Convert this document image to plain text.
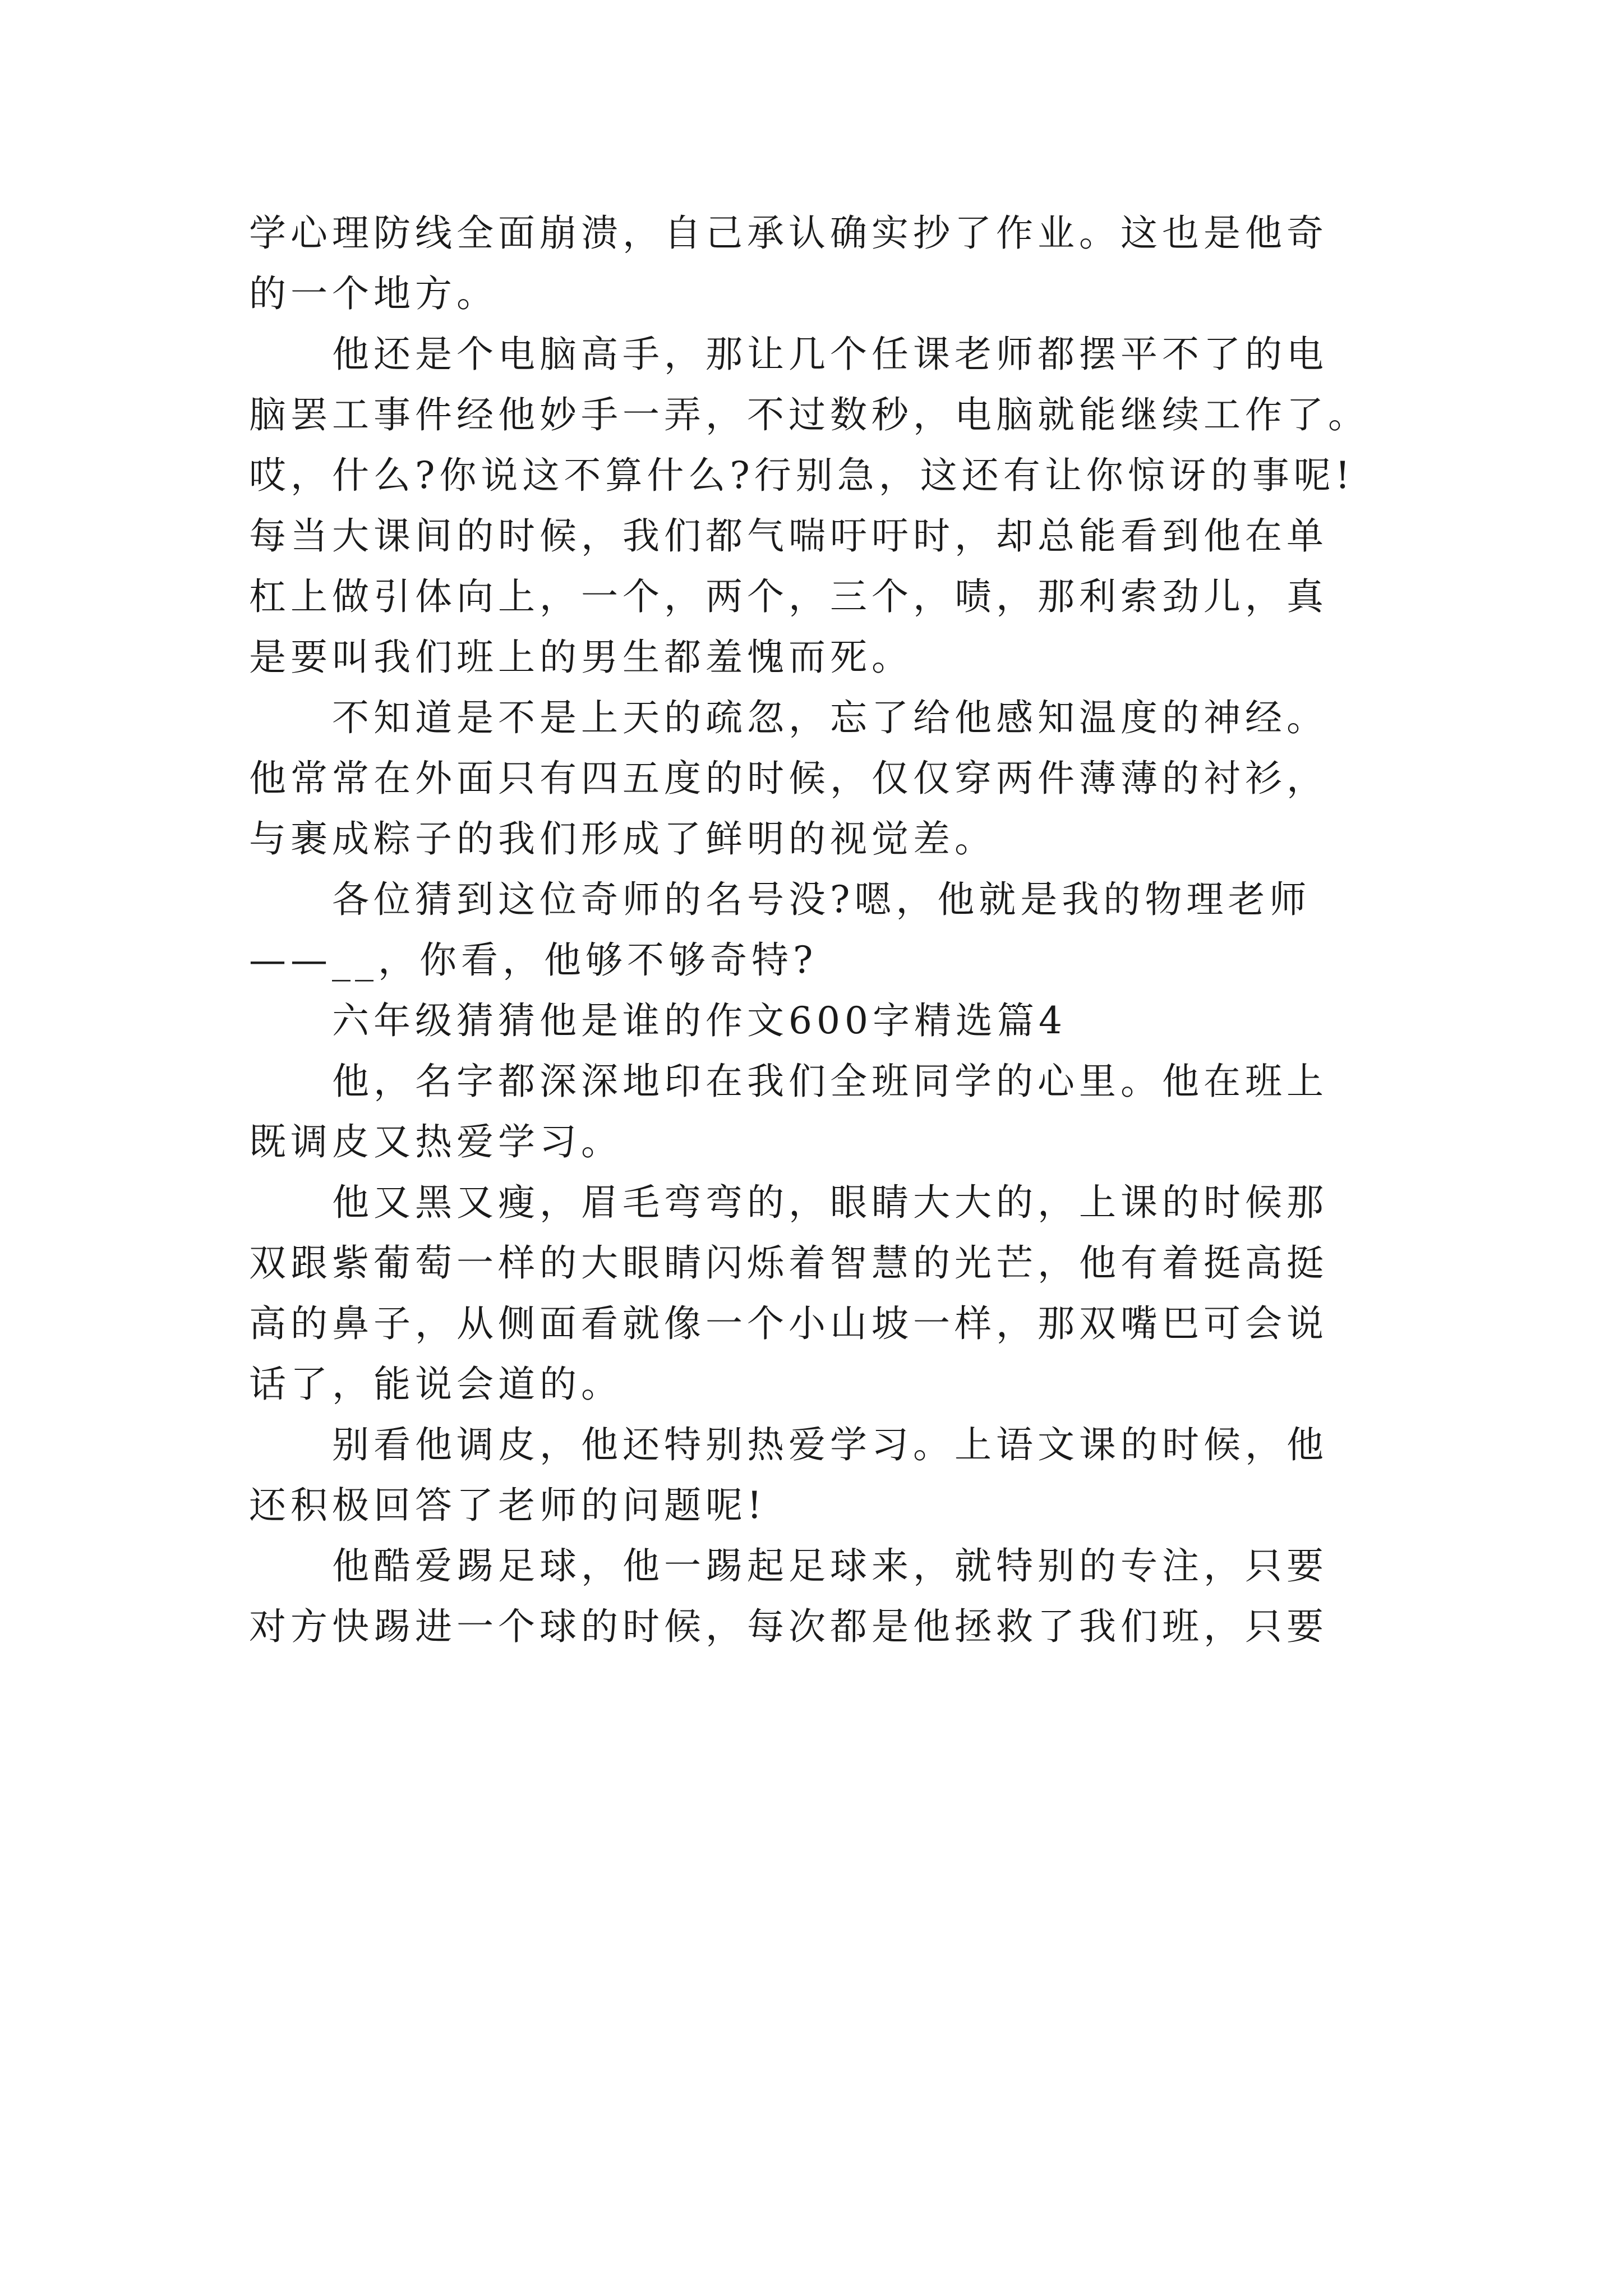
学心理防线全面崩溃，自己承认确实抄了作业。这也是他奇
的一个地方。
他还是个电脑高手，那让几个任课老师都摆平不了的电
脑罢工事件经他妙手一弄，不过数秒，电脑就能继续工作了。
哎，什么?你说这不算什么?行别急，这还有让你惊讶的事呢!
每当大课间的时候，我们都气喘吁吁时，却总能看到他在单
杠上做引体向上，一个，两个，三个，啧，那利索劲儿，真
是要叫我们班上的男生都羞愧而死。
不知道是不是上天的疏忽，忘了给他感知温度的神经。
他常常在外面只有四五度的时候，仅仅穿两件薄薄的衬衫，
与裹成粽子的我们形成了鲜明的视觉差。
各位猜到这位奇师的名号没?嗯，他就是我的物理老师
——__，你看，他够不够奇特?
六年级猜猜他是谁的作文600字精选篇4
他，名字都深深地印在我们全班同学的心里。他在班上
既调皮又热爱学习。
他又黑又瘦，眉毛弯弯的，眼睛大大的，上课的时候那
双跟紫葡萄一样的大眼睛闪烁着智慧的光芒，他有着挺高挺
高的鼻子，从侧面看就像一个小山坡一样，那双嘴巴可会说
话了，能说会道的。
别看他调皮，他还特别热爱学习。上语文课的时候，他
还积极回答了老师的问题呢!
他酷爱踢足球，他一踢起足球来，就特别的专注，只要
对方快踢进一个球的时候，每次都是他拯救了我们班，只要
